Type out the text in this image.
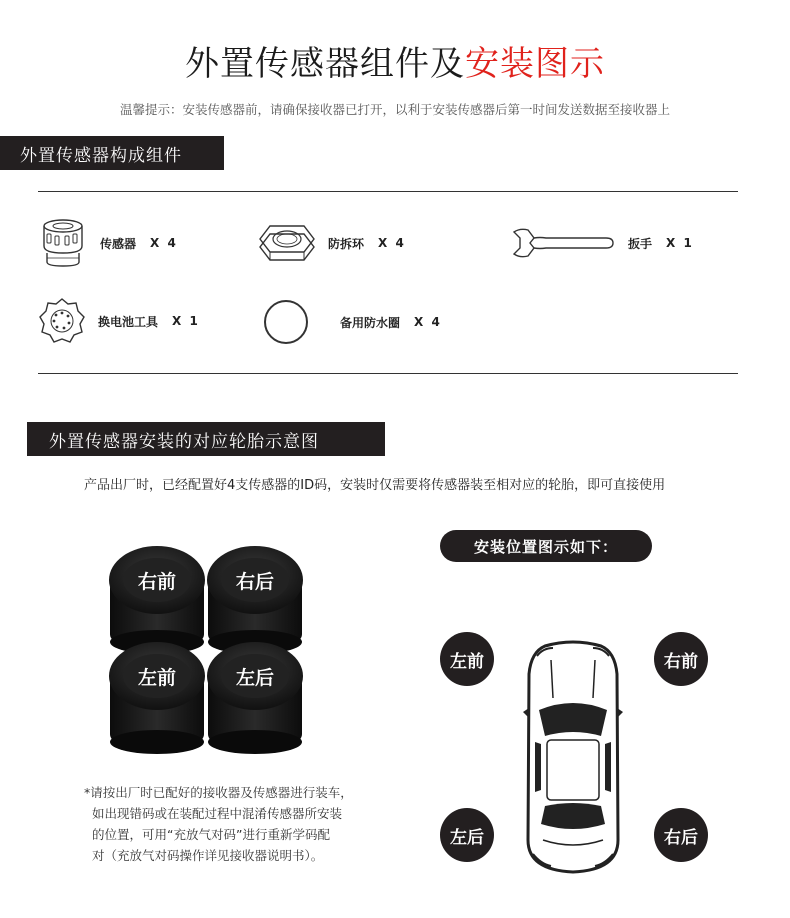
外置传感器组件及安装图示
温馨提示：安装传感器前，请确保接收器已打开，以利于安装传感器后第一时间发送数据至接收器上
外置传感器构成组件
传感器 X 4	防拆环 X 4	扳手 X 1
换电池工具 X 1	备用防水圈 X 4
外置传感器安装的对应轮胎示意图
产品出厂时，已经配置好4支传感器的ID码，安装时仅需要将传感器装至相对应的轮胎，即可直接使用
右前	右后
左前	左后
*请按出厂时已配好的接收器及传感器进行装车，
如出现错码或在装配过程中混淆传感器所安装
的位置，可用“充放气对码”进行重新学码配
对（充放气对码操作详见接收器说明书）。
安装位置图示如下：
左前	右前
左后	右后
